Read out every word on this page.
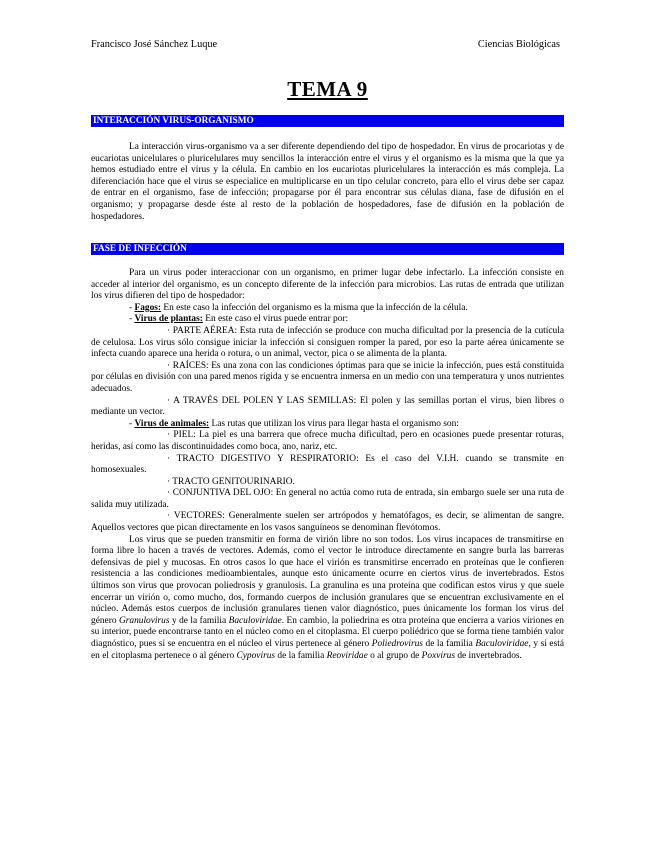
Francisco José Sánchez Luque	Ciencias Biológicas
TEMA 9
INTERACCIÓN VIRUS-ORGANISMO

La interacción virus-organismo va a ser diferente dependiendo del tipo de hospedador. En virus de procariotas y de eucariotas unicelulares o pluricelulares muy sencillos la interacción entre el virus y el organismo es la misma que la que ya hemos estudiado entre el virus y la célula. En cambio en los eucariotas pluricelulares la interacción es más compleja. La diferenciación hace que el virus se especialice en multiplicarse en un tipo celular concreto, para ello el virus debe ser capaz de entrar en el organismo, fase de infección; propagarse por él para encontrar sus células diana, fase de difusión en el organismo; y propagarse desde éste al resto de la población de hospedadores, fase de difusión en la población de hospedadores.

FASE DE INFECCIÓN

Para un virus poder interaccionar con un organismo, en primer lugar debe infectarlo. La infección consiste en acceder al interior del organismo, es un concepto diferente de la infección para microbios. Las rutas de entrada que utilizan los virus difieren del tipo de hospedador:

- Fagos: En este caso la infección del organismo es la misma que la infección de la célula.

- Virus de plantas: En este caso el virus puede entrar por:

· PARTE AÉREA: Esta ruta de infección se produce con mucha dificultad por la presencia de la cutícula de celulosa. Los virus sólo consigue iniciar la infección si consiguen romper la pared, por eso la parte aérea únicamente se infecta cuando aparece una herida o rotura, o un animal, vector, pica o se alimenta de la planta.

· RAÍCES: Es una zona con las condiciones óptimas para que se inicie la infección, pues está constituida por células en división con una pared menos rígida y se encuentra inmersa en un medio con una temperatura y unos nutrientes adecuados.

· A TRAVÉS DEL POLEN Y LAS SEMILLAS: El polen y las semillas portan el virus, bien libres o mediante un vector.

- Virus de animales: Las rutas que utilizan los virus para llegar hasta el organismo son:

· PIEL: La piel es una barrera que ofrece mucha dificultad, pero en ocasiones puede presentar roturas, heridas, así como las discontinuidades como boca, ano, nariz, etc.

· TRACTO DIGESTIVO Y RESPIRATORIO: Es el caso del V.I.H. cuando se transmite en homosexuales.

· TRACTO GENITOURINARIO.

· CONJUNTIVA DEL OJO: En general no actúa como ruta de entrada, sin embargo suele ser una ruta de salida muy utilizada.

· VECTORES: Generalmente suelen ser artrópodos y hematófagos, es decir, se alimentan de sangre. Aquellos vectores que pican directamente en los vasos sanguíneos se denominan flevótomos.

Los virus que se pueden transmitir en forma de virión libre no son todos. Los virus incapaces de transmitirse en forma libre lo hacen a través de vectores. Además, como el vector le introduce directamente en sangre burla las barreras defensivas de piel y mucosas. En otros casos lo que hace el virión es transmitirse encerrado en proteínas que le confieren resistencia a las condiciones medioambientales, aunque esto únicamente ocurre en ciertos virus de invertebrados. Estos últimos son virus que provocan poliedrosis y granulosis. La granulina es una proteína que codifican estos virus y que suele encerrar un virión o, como mucho, dos, formando cuerpos de inclusión granulares que se encuentran exclusivamente en el núcleo. Además estos cuerpos de inclusión granulares tienen valor diagnóstico, pues únicamente los forman los virus del género Granulovirus y de la familia Baculoviridae. En cambio, la poliedrina es otra proteína que encierra a varios viriones en su interior, puede encontrarse tanto en el núcleo como en el citoplasma. El cuerpo poliédrico que se forma tiene también valor diagnóstico, pues si se encuentra en el núcleo el virus pertenece al género Poliedrovirus de la familia Baculoviridae, y si está en el citoplasma pertenece o al género Cypovirus de la familia Reoviridae o al grupo de Poxvirus de invertebrados.
